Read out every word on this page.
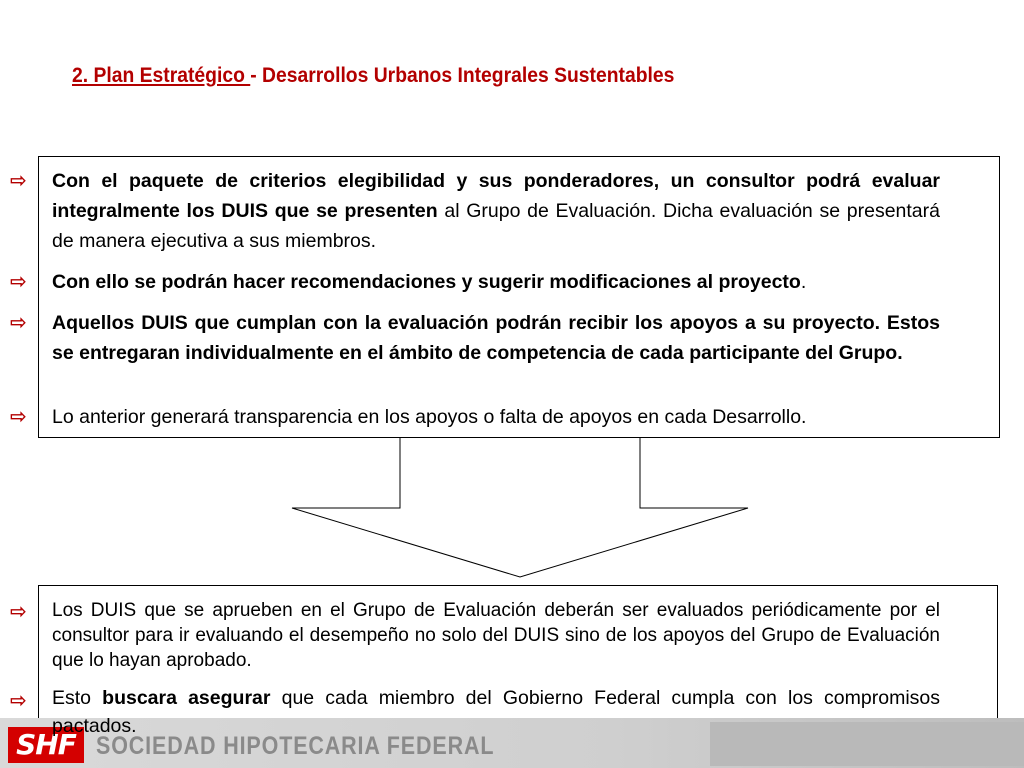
2. Plan Estratégico - Desarrollos Urbanos Integrales Sustentables
⇨ Con el paquete de criterios elegibilidad y sus ponderadores, un consultor podrá evaluar integralmente los DUIS que se presenten al Grupo de Evaluación. Dicha evaluación se presentará de manera ejecutiva a sus miembros.
⇨ Con ello se podrán hacer recomendaciones y sugerir modificaciones al proyecto.
⇨ Aquellos DUIS que cumplan con la evaluación podrán recibir los apoyos a su proyecto. Estos se entregaran individualmente en el ámbito de competencia de cada participante del Grupo.
⇨ Lo anterior generará transparencia en los apoyos o falta de apoyos en cada Desarrollo.
⇨ Los DUIS que se aprueben en el Grupo de Evaluación deberán ser evaluados periódicamente por el consultor para ir evaluando el desempeño no solo del DUIS sino de los apoyos del Grupo de Evaluación que lo hayan aprobado.
SHF SOCIEDAD HIPOTECARIA FEDERAL
⇨ Esto buscara asegurar que cada miembro del Gobierno Federal cumpla con los compromisos pactados.
